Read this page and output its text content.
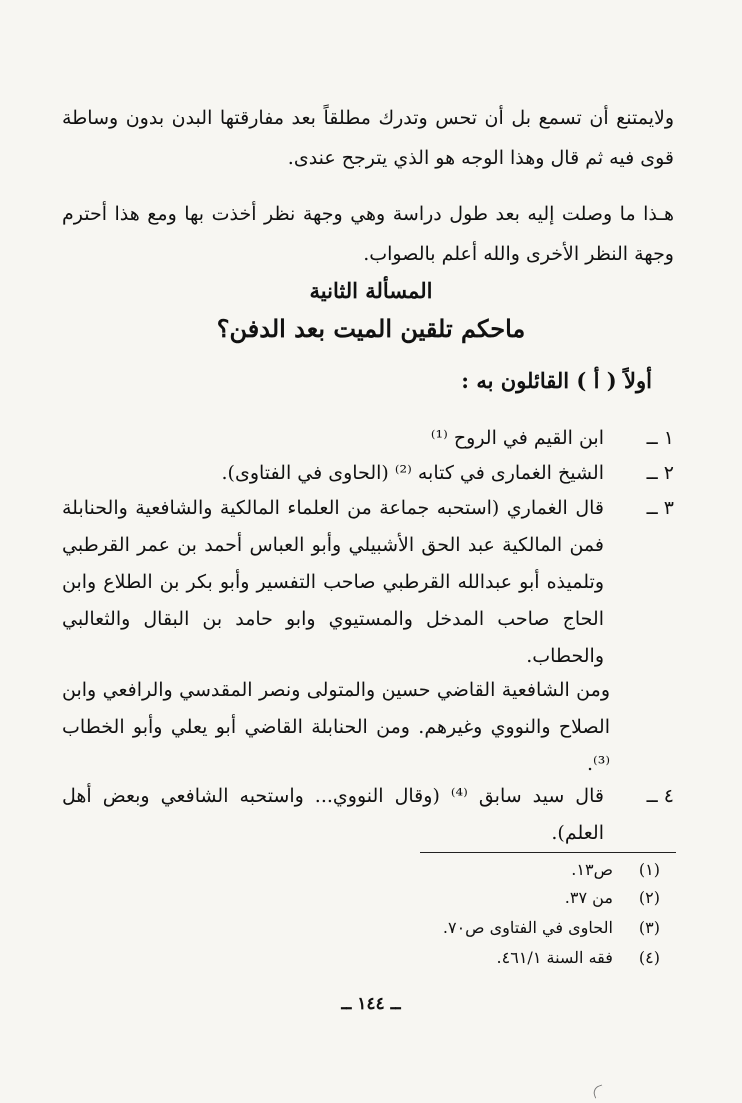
ولايمتنع أن تسمع بل أن تحس وتدرك مطلقاً بعد مفارقتها البدن بدون وساطة قوى فيه ثم قال وهذا الوجه هو الذي يترجح عندى.

هـذا ما وصلت إليه بعد طول دراسة وهي وجهة نظر أخذت بها ومع هذا أحترم وجهة النظر الأخرى والله أعلم بالصواب.

المسألة الثانية
ماحكم تلقين الميت بعد الدفن؟
أولاً ( أ ) القائلون به :
١ ــ
ابن القيم في الروح ⁽¹⁾
٢ ــ
الشيخ الغمارى في كتابه ⁽²⁾ (الحاوى في الفتاوى).
٣ ــ
قال الغماري (استحبه جماعة من العلماء المالكية والشافعية والحنابلة فمن المالكية عبد الحق الأشبيلي وأبو العباس أحمد بن عمر القرطبي وتلميذه أبو عبدالله القرطبي صاحب التفسير وأبو بكر بن الطلاع وابن الحاج صاحب المدخل والمستيوي وابو حامد بن البقال والثعالبي والحطاب.
ومن الشافعية القاضي حسين والمتولى ونصر المقدسي والرافعي وابن الصلاح والنووي وغيرهم. ومن الحنابلة القاضي أبو يعلي وأبو الخطاب ⁽³⁾.
٤ ــ
قال سيد سابق ⁽⁴⁾ (وقال النووي... واستحبه الشافعي وبعض أهل العلم).
(١) ص١٣.
(٢) من ٣٧.
(٣) الحاوى في الفتاوى ص٧٠.
(٤) فقه السنة ٤٦١/١.
ــ ١٤٤ ــ
